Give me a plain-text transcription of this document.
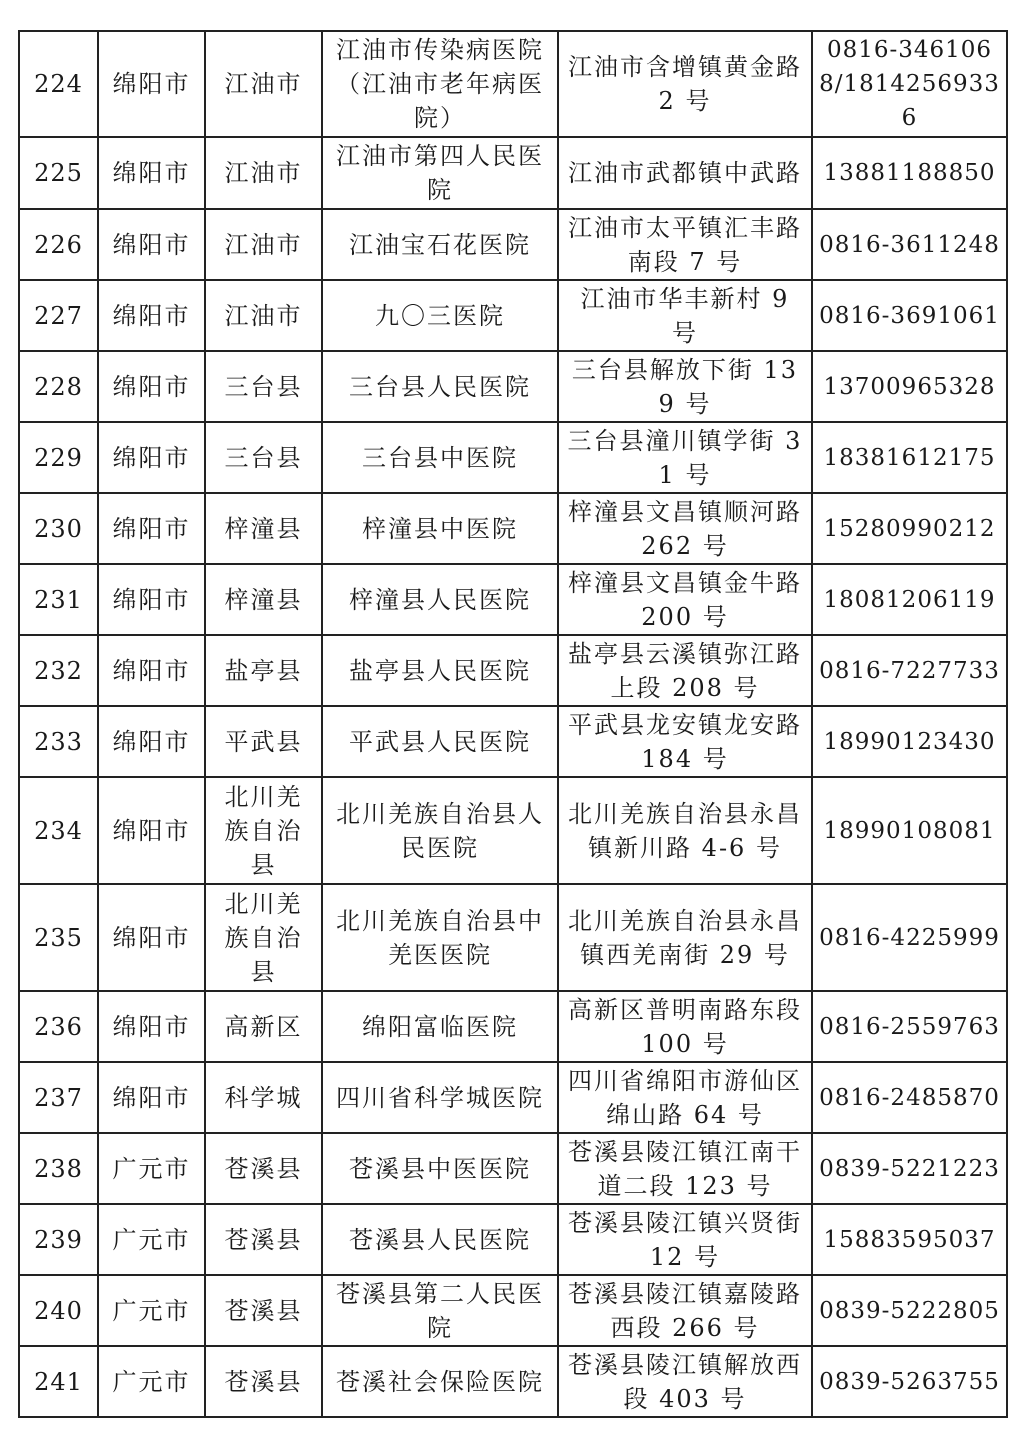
224	绵阳市	江油市	江油市传染病医院（江油市老年病医院）	江油市含增镇黄金路 2 号	0816-3461068/18142569336
225	绵阳市	江油市	江油市第四人民医院	江油市武都镇中武路	13881188850
226	绵阳市	江油市	江油宝石花医院	江油市太平镇汇丰路南段 7 号	0816-3611248
227	绵阳市	江油市	九〇三医院	江油市华丰新村 9 号	0816-3691061
228	绵阳市	三台县	三台县人民医院	三台县解放下街 139 号	13700965328
229	绵阳市	三台县	三台县中医院	三台县潼川镇学街 31 号	18381612175
230	绵阳市	梓潼县	梓潼县中医院	梓潼县文昌镇顺河路 262 号	15280990212
231	绵阳市	梓潼县	梓潼县人民医院	梓潼县文昌镇金牛路 200 号	18081206119
232	绵阳市	盐亭县	盐亭县人民医院	盐亭县云溪镇弥江路上段 208 号	0816-7227733
233	绵阳市	平武县	平武县人民医院	平武县龙安镇龙安路 184 号	18990123430
234	绵阳市	北川羌族自治县	北川羌族自治县人民医院	北川羌族自治县永昌镇新川路 4-6 号	18990108081
235	绵阳市	北川羌族自治县	北川羌族自治县中羌医医院	北川羌族自治县永昌镇西羌南街 29 号	0816-4225999
236	绵阳市	高新区	绵阳富临医院	高新区普明南路东段 100 号	0816-2559763
237	绵阳市	科学城	四川省科学城医院	四川省绵阳市游仙区绵山路 64 号	0816-2485870
238	广元市	苍溪县	苍溪县中医医院	苍溪县陵江镇江南干道二段 123 号	0839-5221223
239	广元市	苍溪县	苍溪县人民医院	苍溪县陵江镇兴贤街 12 号	15883595037
240	广元市	苍溪县	苍溪县第二人民医院	苍溪县陵江镇嘉陵路西段 266 号	0839-5222805
241	广元市	苍溪县	苍溪社会保险医院	苍溪县陵江镇解放西段 403 号	0839-5263755
